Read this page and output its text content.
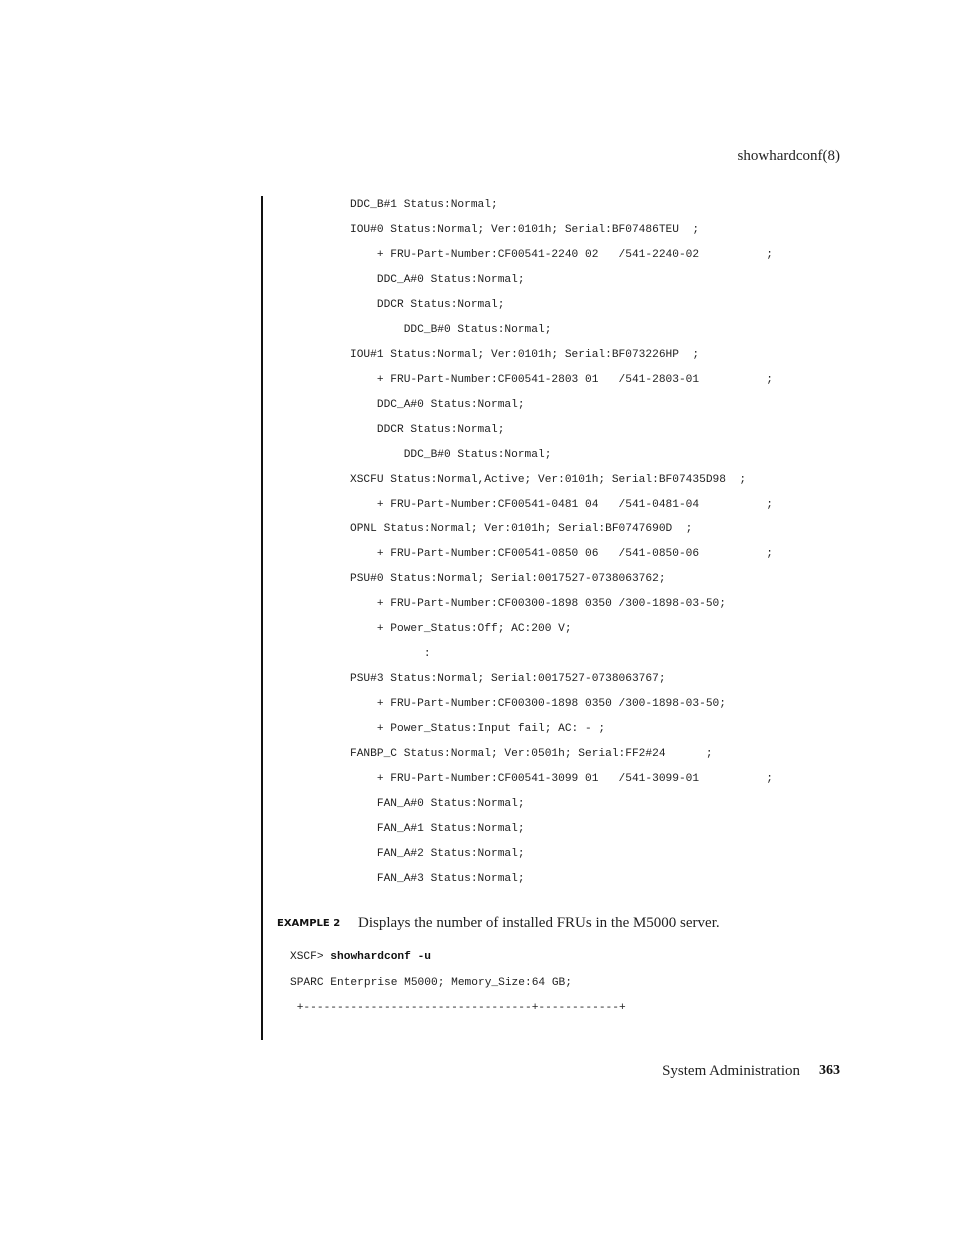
showhardconf(8)
DDC_B#1 Status:Normal;
IOU#0 Status:Normal; Ver:0101h; Serial:BF07486TEU  ;
+ FRU-Part-Number:CF00541-2240 02   /541-2240-02          ;
DDC_A#0 Status:Normal;
DDCR Status:Normal;
DDC_B#0 Status:Normal;
IOU#1 Status:Normal; Ver:0101h; Serial:BF073226HP  ;
+ FRU-Part-Number:CF00541-2803 01   /541-2803-01          ;
DDC_A#0 Status:Normal;
DDCR Status:Normal;
DDC_B#0 Status:Normal;
XSCFU Status:Normal,Active; Ver:0101h; Serial:BF07435D98  ;
+ FRU-Part-Number:CF00541-0481 04   /541-0481-04          ;
OPNL Status:Normal; Ver:0101h; Serial:BF0747690D  ;
+ FRU-Part-Number:CF00541-0850 06   /541-0850-06          ;
PSU#0 Status:Normal; Serial:0017527-0738063762;
+ FRU-Part-Number:CF00300-1898 0350 /300-1898-03-50;
+ Power_Status:Off; AC:200 V;
:
PSU#3 Status:Normal; Serial:0017527-0738063767;
+ FRU-Part-Number:CF00300-1898 0350 /300-1898-03-50;
+ Power_Status:Input fail; AC: - ;
FANBP_C Status:Normal; Ver:0501h; Serial:FF2#24      ;
+ FRU-Part-Number:CF00541-3099 01   /541-3099-01          ;
FAN_A#0 Status:Normal;
FAN_A#1 Status:Normal;
FAN_A#2 Status:Normal;
FAN_A#3 Status:Normal;
EXAMPLE 2 Displays the number of installed FRUs in the M5000 server.
XSCF> showhardconf -u
SPARC Enterprise M5000; Memory_Size:64 GB;
+----------------------------------+------------+
System Administration 363
